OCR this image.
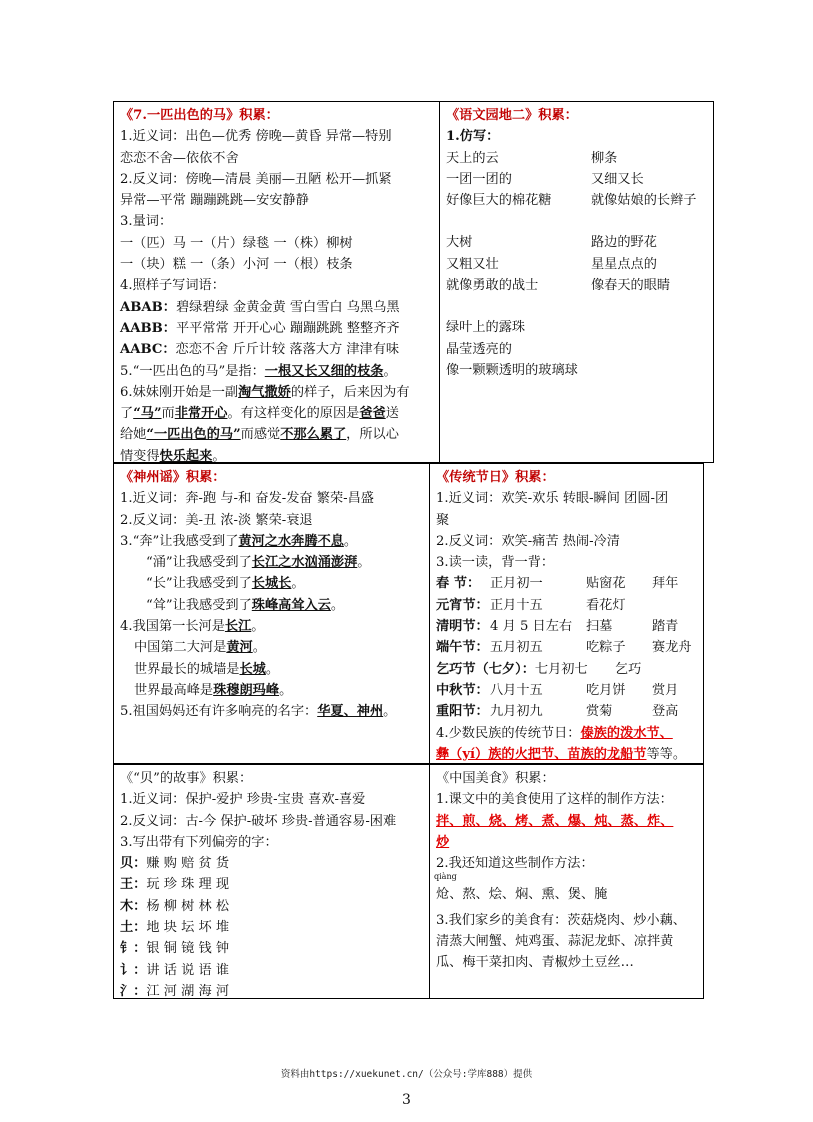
《7.一匹出色的马》积累：
1.近义词：出色—优秀 傍晚—黄昏 异常—特别
恋恋不舍—依依不舍
2.反义词：傍晚—清晨 美丽—丑陋 松开—抓紧
异常—平常 蹦蹦跳跳—安安静静
3.量词：
一（匹）马 一（片）绿毯 一（株）柳树
一（块）糕 一（条）小河 一（根）枝条
4.照样子写词语：
ABAB：碧绿碧绿 金黄金黄 雪白雪白 乌黑乌黑
AABB：平平常常 开开心心 蹦蹦跳跳 整整齐齐
AABC：恋恋不舍 斤斤计较 落落大方 津津有味
5.“一匹出色的马”是指：一根又长又细的枝条。
6.妹妹刚开始是一副淘气撒娇的样子，后来因为有
了“马”而非常开心。有这样变化的原因是爸爸送
给她“一匹出色的马”而感觉不那么累了，所以心
情变得快乐起来。
《语文园地二》积累：
1.仿写：
天上的云	柳条
一团一团的	又细又长
好像巨大的棉花糖	就像姑娘的长辫子
大树	路边的野花
又粗又壮	星星点点的
就像勇敢的战士	像春天的眼睛
绿叶上的露珠
晶莹透亮的
像一颗颗透明的玻璃球
《神州谣》积累：
1.近义词：奔-跑 与-和 奋发-发奋 繁荣-昌盛
2.反义词：美-丑 浓-淡 繁荣-衰退
3.“奔”让我感受到了黄河之水奔腾不息。
“涌”让我感受到了长江之水汹涌澎湃。
“长”让我感受到了长城长。
“耸”让我感受到了珠峰高耸入云。
4.我国第一长河是长江。
中国第二大河是黄河。
世界最长的城墙是长城。
世界最高峰是珠穆朗玛峰。
5.祖国妈妈还有许多响亮的名字：华夏、神州。
《传统节日》积累：
1.近义词：欢笑-欢乐 转眼-瞬间 团圆-团
聚
2.反义词：欢笑-痛苦 热闹-冷清
3.读一读，背一背：
春 节： 正月初一	贴窗花	拜年
元宵节： 正月十五	看花灯
清明节： 4 月 5 日左右	扫墓	踏青
端午节： 五月初五	吃粽子	赛龙舟
乞巧节（七夕）： 七月初七	乞巧
中秋节： 八月十五	吃月饼	赏月
重阳节： 九月初九	赏菊	登高
4.少数民族的传统节日：傣族的泼水节、
彝（yí）族的火把节、苗族的龙船节等等。
《“贝”的故事》积累：
1.近义词：保护-爱护 珍贵-宝贵 喜欢-喜爱
2.反义词：古-今 保护-破坏 珍贵-普通容易-困难
3.写出带有下列偏旁的字：
贝：赚 购 赔 贫 货
王：玩 珍 珠 理 现
木：杨 柳 树 林 松
土：地 块 坛 坏 堆
钅：银 铜 镜 钱 钟
讠：讲 话 说 语 谁
氵：江 河 湖 海 河
《中国美食》积累：
1.课文中的美食使用了这样的制作方法：
拌、煎、烧、烤、煮、爆、炖、蒸、炸、
炒
2.我还知道这些制作方法：
qiàng
炝、熬、烩、焖、熏、煲、腌
3.我们家乡的美食有：茨菇烧肉、炒小藕、
清蒸大闸蟹、炖鸡蛋、蒜泥龙虾、凉拌黄
瓜、梅干菜扣肉、青椒炒土豆丝…
资料由https://xuekunet.cn/（公众号:学库888）提供
3
